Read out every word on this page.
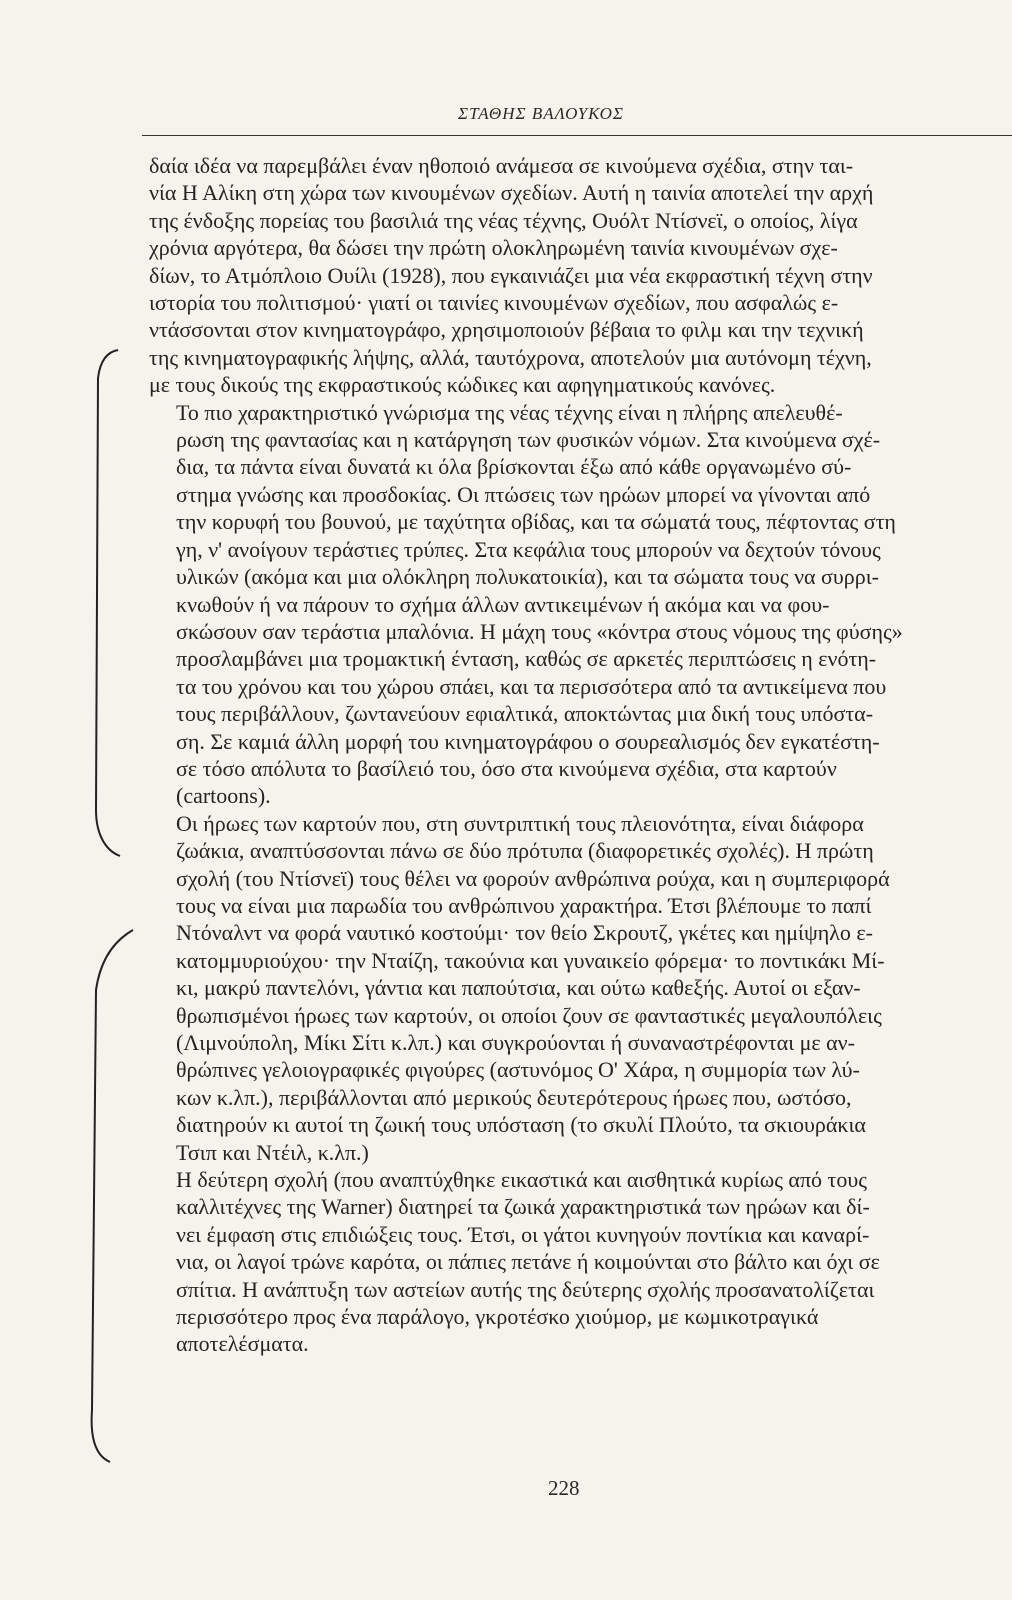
ΣΤΑΘΗΣ ΒΑΛΟΥΚΟΣ

δαία ιδέα να παρεμβάλει έναν ηθοποιό ανάμεσα σε κινούμενα σχέδια, στην ται-
νία Η Αλίκη στη χώρα των κινουμένων σχεδίων. Αυτή η ταινία αποτελεί την αρχή
της ένδοξης πορείας του βασιλιά της νέας τέχνης, Ουόλτ Ντίσνεϊ, ο οποίος, λίγα
χρόνια αργότερα, θα δώσει την πρώτη ολοκληρωμένη ταινία κινουμένων σχε-
δίων, το Ατμόπλοιο Ουίλι (1928), που εγκαινιάζει μια νέα εκφραστική τέχνη στην
ιστορία του πολιτισμού· γιατί οι ταινίες κινουμένων σχεδίων, που ασφαλώς ε-
ντάσσονται στον κινηματογράφο, χρησιμοποιούν βέβαια το φιλμ και την τεχνική
της κινηματογραφικής λήψης, αλλά, ταυτόχρονα, αποτελούν μια αυτόνομη τέχνη,
με τους δικούς της εκφραστικούς κώδικες και αφηγηματικούς κανόνες.

Το πιο χαρακτηριστικό γνώρισμα της νέας τέχνης είναι η πλήρης απελευθέ-
ρωση της φαντασίας και η κατάργηση των φυσικών νόμων. Στα κινούμενα σχέ-
δια, τα πάντα είναι δυνατά κι όλα βρίσκονται έξω από κάθε οργανωμένο σύ-
στημα γνώσης και προσδοκίας. Οι πτώσεις των ηρώων μπορεί να γίνονται από
την κορυφή του βουνού, με ταχύτητα οβίδας, και τα σώματά τους, πέφτοντας στη
γη, ν' ανοίγουν τεράστιες τρύπες. Στα κεφάλια τους μπορούν να δεχτούν τόνους
υλικών (ακόμα και μια ολόκληρη πολυκατοικία), και τα σώματα τους να συρρι-
κνωθούν ή να πάρουν το σχήμα άλλων αντικειμένων ή ακόμα και να φου-
σκώσουν σαν τεράστια μπαλόνια. Η μάχη τους «κόντρα στους νόμους της φύσης»
προσλαμβάνει μια τρομακτική ένταση, καθώς σε αρκετές περιπτώσεις η ενότη-
τα του χρόνου και του χώρου σπάει, και τα περισσότερα από τα αντικείμενα που
τους περιβάλλουν, ζωντανεύουν εφιαλτικά, αποκτώντας μια δική τους υπόστα-
ση. Σε καμιά άλλη μορφή του κινηματογράφου ο σουρεαλισμός δεν εγκατέστη-
σε τόσο απόλυτα το βασίλειό του, όσο στα κινούμενα σχέδια, στα καρτούν
(cartoons).

Οι ήρωες των καρτούν που, στη συντριπτική τους πλειονότητα, είναι διάφορα
ζωάκια, αναπτύσσονται πάνω σε δύο πρότυπα (διαφορετικές σχολές). Η πρώτη
σχολή (του Ντίσνεϊ) τους θέλει να φορούν ανθρώπινα ρούχα, και η συμπεριφορά
τους να είναι μια παρωδία του ανθρώπινου χαρακτήρα. Έτσι βλέπουμε το παπί
Ντόναλντ να φορά ναυτικό κοστούμι· τον θείο Σκρουτζ, γκέτες και ημίψηλο ε-
κατομμυριούχου· την Νταίζη, τακούνια και γυναικείο φόρεμα· το ποντικάκι Μί-
κι, μακρύ παντελόνι, γάντια και παπούτσια, και ούτω καθεξής. Αυτοί οι εξαν-
θρωπισμένοι ήρωες των καρτούν, οι οποίοι ζουν σε φανταστικές μεγαλουπόλεις
(Λιμνούπολη, Μίκι Σίτι κ.λπ.) και συγκρούονται ή συναναστρέφονται με αν-
θρώπινες γελοιογραφικές φιγούρες (αστυνόμος Ο' Χάρα, η συμμορία των λύ-
κων κ.λπ.), περιβάλλονται από μερικούς δευτερότερους ήρωες που, ωστόσο,
διατηρούν κι αυτοί τη ζωική τους υπόσταση (το σκυλί Πλούτο, τα σκιουράκια
Τσιπ και Ντέιλ, κ.λπ.)

Η δεύτερη σχολή (που αναπτύχθηκε εικαστικά και αισθητικά κυρίως από τους
καλλιτέχνες της Warner) διατηρεί τα ζωικά χαρακτηριστικά των ηρώων και δί-
νει έμφαση στις επιδιώξεις τους. Έτσι, οι γάτοι κυνηγούν ποντίκια και καναρί-
νια, οι λαγοί τρώνε καρότα, οι πάπιες πετάνε ή κοιμούνται στο βάλτο και όχι σε
σπίτια. Η ανάπτυξη των αστείων αυτής της δεύτερης σχολής προσανατολίζεται
περισσότερο προς ένα παράλογο, γκροτέσκο χιούμορ, με κωμικοτραγικά
αποτελέσματα.

228
